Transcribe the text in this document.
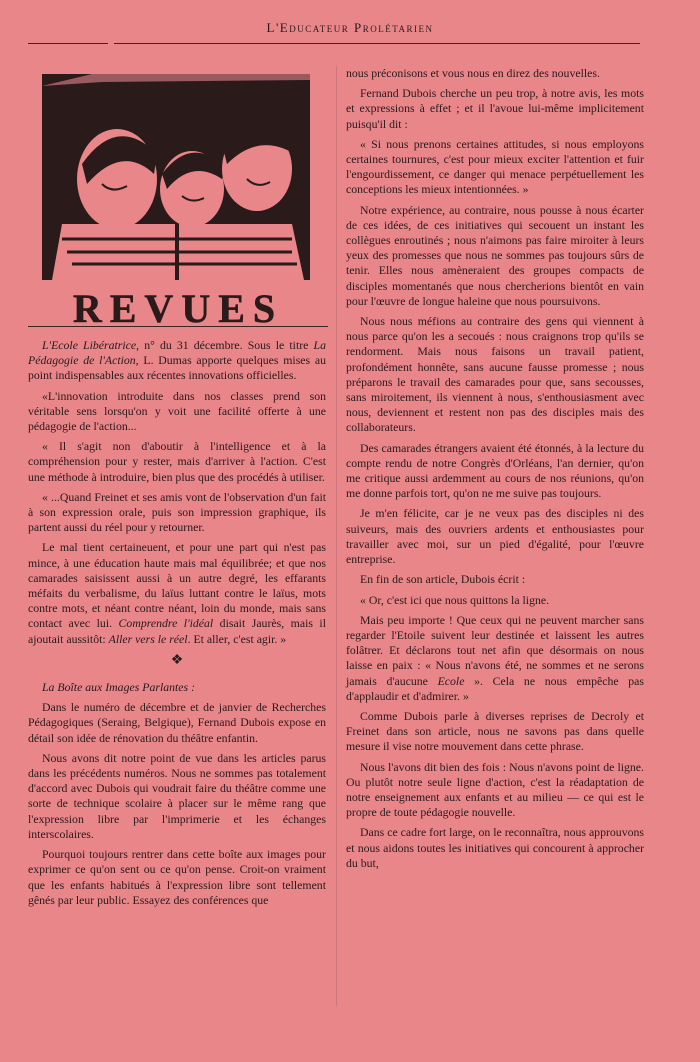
L'Educateur Prolétarien
REVUES

L'Ecole Libératrice, n° du 31 décembre. Sous le titre La Pédagogie de l'Action, L. Dumas apporte quelques mises au point indispensables aux récentes innovations officielles.

«L'innovation introduite dans nos classes prend son véritable sens lorsqu'on y voit une facilité offerte à une pédagogie de l'action...

« Il s'agit non d'aboutir à l'intelligence et à la compréhension pour y rester, mais d'arriver à l'action. C'est une méthode à introduire, bien plus que des procédés à utiliser.

« ...Quand Freinet et ses amis vont de l'observation d'un fait à son expression orale, puis son impression graphique, ils partent aussi du réel pour y retourner.

Le mal tient certaineuent, et pour une part qui n'est pas mince, à une éducation haute mais mal équilibrée; et que nos camarades saisissent aussi à un autre degré, les effarants méfaits du verbalisme, du laïus luttant contre le laïus, mots contre mots, et néant contre néant, loin du monde, mais sans contact avec lui. Comprendre l'idéal disait Jaurès, mais il ajoutait aussitôt: Aller vers le réel. Et aller, c'est agir. »

❖

La Boîte aux Images Parlantes :

Dans le numéro de décembre et de janvier de Recherches Pédagogiques (Seraing, Belgique), Fernand Dubois expose en détail son idée de rénovation du théâtre enfantin.

Nous avons dit notre point de vue dans les articles parus dans les précédents numéros. Nous ne sommes pas totalement d'accord avec Dubois qui voudrait faire du théâtre comme une sorte de technique scolaire à placer sur le même rang que l'expression libre par l'imprimerie et les échanges interscolaires.

Pourquoi toujours rentrer dans cette boîte aux images pour exprimer ce qu'on sent ou ce qu'on pense. Croit-on vraiment que les enfants habitués à l'expression libre sont tellement gênés par leur public. Essayez des conférences que

nous préconisons et vous nous en direz des nouvelles.

Fernand Dubois cherche un peu trop, à notre avis, les mots et expressions à effet ; et il l'avoue lui-même implicitement puisqu'il dit :

« Si nous prenons certaines attitudes, si nous employons certaines tournures, c'est pour mieux exciter l'attention et fuir l'engourdissement, ce danger qui menace perpétuellement les conceptions les mieux intentionnées. »

Notre expérience, au contraire, nous pousse à nous écarter de ces idées, de ces initiatives qui secouent un instant les collègues enroutinés ; nous n'aimons pas faire miroiter à leurs yeux des promesses que nous ne sommes pas toujours sûrs de tenir. Elles nous amèneraient des groupes compacts de disciples momentanés que nous chercherions bientôt en vain pour l'œuvre de longue haleine que nous poursuivons.

Nous nous méfions au contraire des gens qui viennent à nous parce qu'on les a secoués : nous craignons trop qu'ils se rendorment. Mais nous faisons un travail patient, profondément honnête, sans aucune fausse promesse ; nous préparons le travail des camarades pour que, sans secousses, sans miroitement, ils viennent à nous, s'enthousiasment avec nous, deviennent et restent non pas des disciples mais des collaborateurs.

Des camarades étrangers avaient été étonnés, à la lecture du compte rendu de notre Congrès d'Orléans, l'an dernier, qu'on me critique aussi ardemment au cours de nos réunions, qu'on me donne parfois tort, qu'on ne me suive pas toujours.

Je m'en félicite, car je ne veux pas des disciples ni des suiveurs, mais des ouvriers ardents et enthousiastes pour travailler avec moi, sur un pied d'égalité, pour l'œuvre entreprise.

En fin de son article, Dubois écrit :

« Or, c'est ici que nous quittons la ligne.

Mais peu importe ! Que ceux qui ne peuvent marcher sans regarder l'Etoile suivent leur destinée et laissent les autres folâtrer. Et déclarons tout net afin que désormais on nous laisse en paix : « Nous n'avons été, ne sommes et ne serons jamais d'aucune Ecole ». Cela ne nous empêche pas d'applaudir et d'admirer. »

Comme Dubois parle à diverses reprises de Decroly et Freinet dans son article, nous ne savons pas dans quelle mesure il vise notre mouvement dans cette phrase.

Nous l'avons dit bien des fois : Nous n'avons point de ligne. Ou plutôt notre seule ligne d'action, c'est la réadaptation de notre enseignement aux enfants et au milieu — ce qui est le propre de toute pédagogie nouvelle.

Dans ce cadre fort large, on le reconnaîtra, nous approuvons et nous aidons toutes les initiatives qui concourent à approcher du but,
